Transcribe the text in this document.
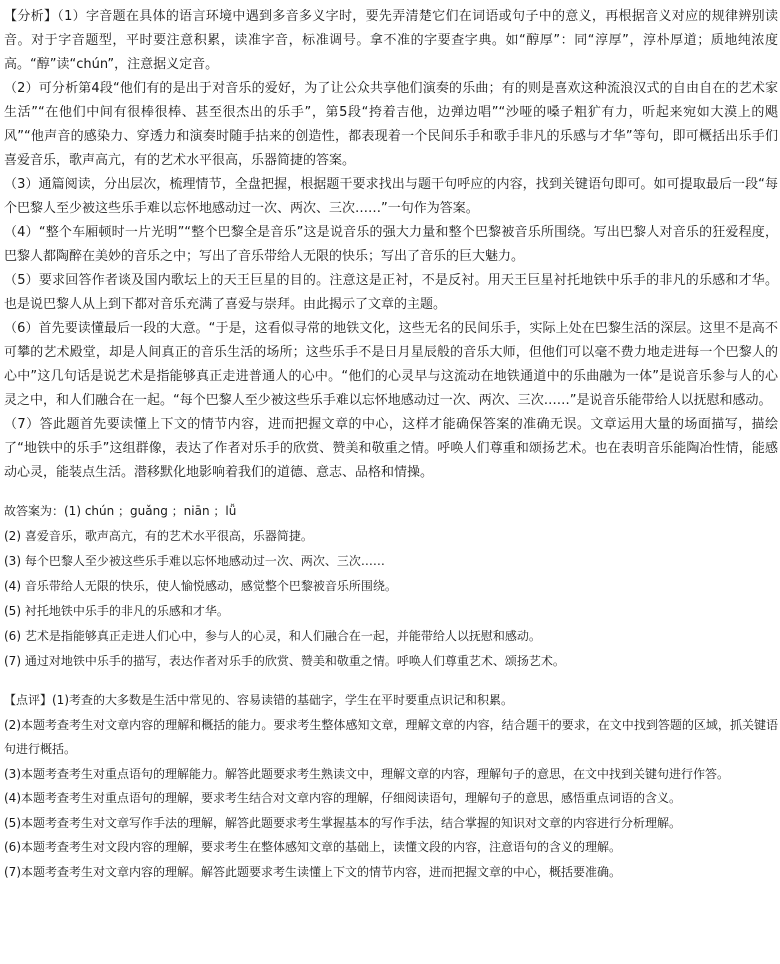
【分析】（1）字音题在具体的语言环境中遇到多音多义字时，要先弄清楚它们在词语或句子中的意义，再根据音义对应的规律辨别读音。对于字音题型，平时要注意积累，读准字音，标准调号。拿不准的字要查字典。如“醇厚”：同“淳厚”，淳朴厚道；质地纯浓度高。“醇”读“chún”，注意据义定音。

（2）可分析第4段“他们有的是出于对音乐的爱好，为了让公众共享他们演奏的乐曲；有的则是喜欢这种流浪汉式的自由自在的艺术家生活”“在他们中间有很棒很棒、甚至很杰出的乐手”，第5段“挎着吉他，边弹边唱”“沙哑的嗓子粗犷有力，听起来宛如大漠上的飓风”“他声音的感染力、穿透力和演奏时随手拈来的创造性，都表现着一个民间乐手和歌手非凡的乐感与才华”等句，即可概括出乐手们喜爱音乐，歌声高亢，有的艺术水平很高，乐器简捷的答案。

（3）通篇阅读，分出层次，梳理情节，全盘把握，根据题干要求找出与题干句呼应的内容，找到关键语句即可。如可提取最后一段“每个巴黎人至少被这些乐手难以忘怀地感动过一次、两次、三次……”一句作为答案。

（4）“整个车厢顿时一片光明”“整个巴黎全是音乐”这是说音乐的强大力量和整个巴黎被音乐所围绕。写出巴黎人对音乐的狂爱程度，巴黎人都陶醉在美妙的音乐之中；写出了音乐带给人无限的快乐；写出了音乐的巨大魅力。

（5）要求回答作者谈及国内歌坛上的天王巨星的目的。注意这是正衬，不是反衬。用天王巨星衬托地铁中乐手的非凡的乐感和才华。也是说巴黎人从上到下都对音乐充满了喜爱与崇拜。由此揭示了文章的主题。

（6）首先要读懂最后一段的大意。“于是，这看似寻常的地铁文化，这些无名的民间乐手，实际上处在巴黎生活的深层。这里不是高不可攀的艺术殿堂，却是人间真正的音乐生活的场所；这些乐手不是日月星辰般的音乐大师，但他们可以毫不费力地走进每一个巴黎人的心中”这几句话是说艺术是指能够真正走进普通人的心中。“他们的心灵早与这流动在地铁通道中的乐曲融为一体”是说音乐参与人的心灵之中，和人们融合在一起。“每个巴黎人至少被这些乐手难以忘怀地感动过一次、两次、三次……”是说音乐能带给人以抚慰和感动。

（7）答此题首先要读懂上下文的情节内容，进而把握文章的中心，这样才能确保答案的准确无误。文章运用大量的场面描写，描绘了“地铁中的乐手”这组群像，表达了作者对乐手的欣赏、赞美和敬重之情。呼唤人们尊重和颂扬艺术。也在表明音乐能陶冶性情，能感动心灵，能装点生活。潜移默化地影响着我们的道德、意志、品格和情操。

故答案为：(1) chún ；guǎng ；niān ；lǚ

(2) 喜爱音乐，歌声高亢，有的艺术水平很高，乐器简捷。

(3) 每个巴黎人至少被这些乐手难以忘怀地感动过一次、两次、三次……

(4) 音乐带给人无限的快乐，使人愉悦感动，感觉整个巴黎被音乐所围绕。

(5) 衬托地铁中乐手的非凡的乐感和才华。

(6) 艺术是指能够真正走进人们心中，参与人的心灵，和人们融合在一起，并能带给人以抚慰和感动。

(7) 通过对地铁中乐手的描写，表达作者对乐手的欣赏、赞美和敬重之情。呼唤人们尊重艺术、颂扬艺术。

【点评】(1)考查的大多数是生活中常见的、容易读错的基础字，学生在平时要重点识记和积累。

(2)本题考查考生对文章内容的理解和概括的能力。要求考生整体感知文章，理解文章的内容，结合题干的要求，在文中找到答题的区域，抓关键语句进行概括。

(3)本题考查考生对重点语句的理解能力。解答此题要求考生熟读文中，理解文章的内容，理解句子的意思，在文中找到关键句进行作答。

(4)本题考查考生对重点语句的理解，要求考生结合对文章内容的理解，仔细阅读语句，理解句子的意思，感悟重点词语的含义。

(5)本题考查考生对文章写作手法的理解，解答此题要求考生掌握基本的写作手法，结合掌握的知识对文章的内容进行分析理解。

(6)本题考查考生对文段内容的理解，要求考生在整体感知文章的基础上，读懂文段的内容，注意语句的含义的理解。

(7)本题考查考生对文章内容的理解。解答此题要求考生读懂上下文的情节内容，进而把握文章的中心，概括要准确。
